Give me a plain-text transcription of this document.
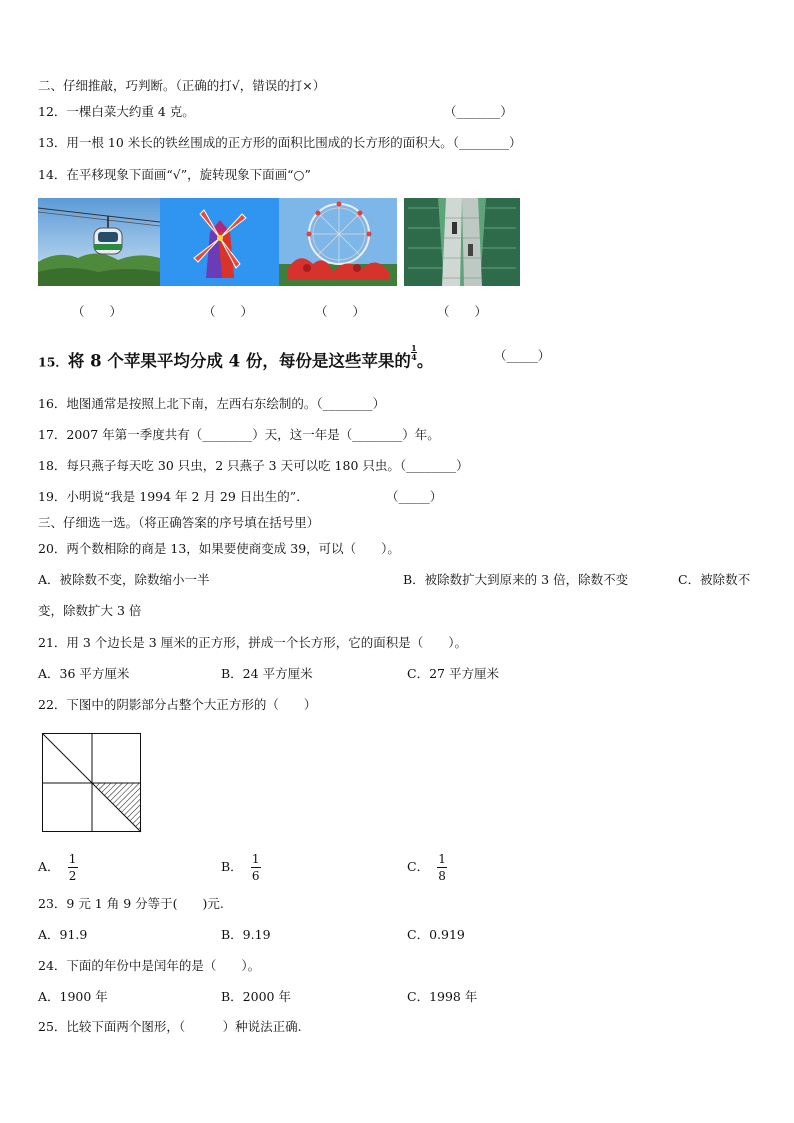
二、仔细推敲，巧判断。（正确的打√，错误的打×）
12．一棵白菜大约重 4 克。	（_______）
13．用一根 10 米长的铁丝围成的正方形的面积比围成的长方形的面积大。（________）
14．在平移现象下面画“√”，旋转现象下面画“○”
（　　）	（　　）	（　　）	（　　）
15．将 8 个苹果平均分成 4 份，每份是这些苹果的 $\frac{1}{4}$ 。	（_____）
16．地图通常是按照上北下南，左西右东绘制的。（________）
17．2007 年第一季度共有（________）天，这一年是（________）年。
18．每只燕子每天吃 30 只虫，2 只燕子 3 天可以吃 180 只虫。（________）
19．小明说“我是 1994 年 2 月 29 日出生的”．	（_____）
三、仔细选一选。（将正确答案的序号填在括号里）
20．两个数相除的商是 13，如果要使商变成 39，可以（　　）。
A．被除数不变，除数缩小一半	B．被除数扩大到原来的 3 倍，除数不变	C．被除数不
变，除数扩大 3 倍
21．用 3 个边长是 3 厘米的正方形，拼成一个长方形，它的面积是（　　）。
A．36 平方厘米	B．24 平方厘米	C．27 平方厘米
22．下图中的阴影部分占整个大正方形的（　　）
A． $\frac{1}{2}$	B． $\frac{1}{6}$	C． $\frac{1}{8}$
23．9 元 1 角 9 分等于(　　)元.
A．91.9	B．9.19	C．0.919
24．下面的年份中是闰年的是（　　）。
A．1900 年	B．2000 年	C．1998 年
25．比较下面两个图形，（　　　）种说法正确.
